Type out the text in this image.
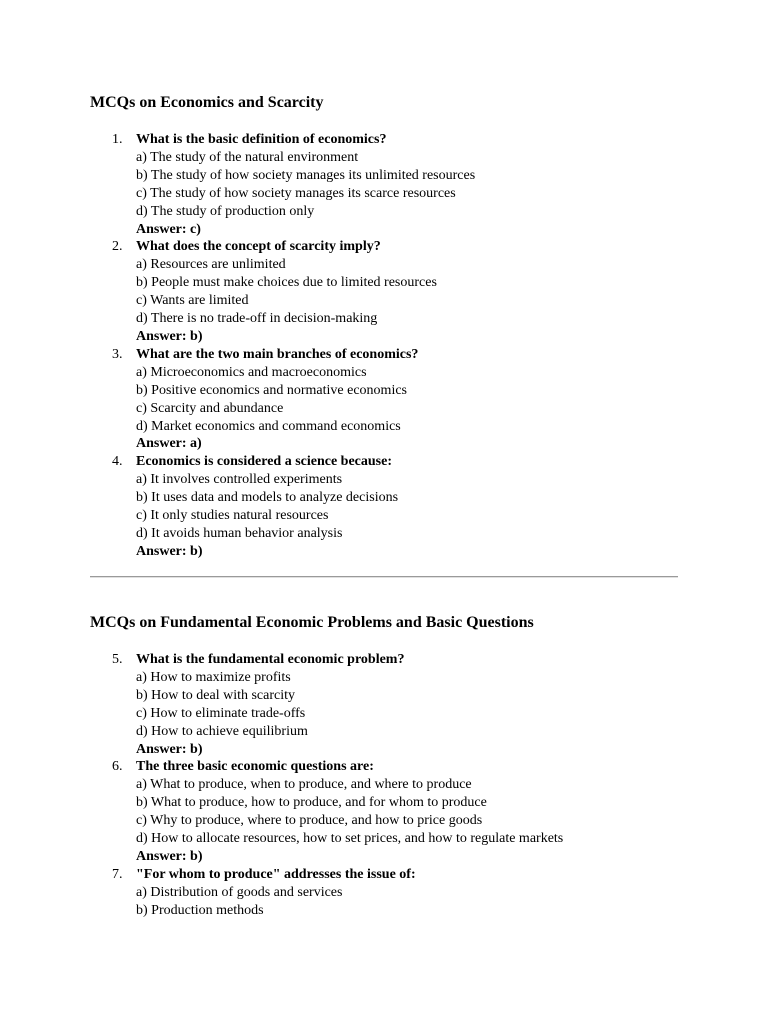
MCQs on Economics and Scarcity
1. What is the basic definition of economics?
a) The study of the natural environment
b) The study of how society manages its unlimited resources
c) The study of how society manages its scarce resources
d) The study of production only
Answer: c)
2. What does the concept of scarcity imply?
a) Resources are unlimited
b) People must make choices due to limited resources
c) Wants are limited
d) There is no trade-off in decision-making
Answer: b)
3. What are the two main branches of economics?
a) Microeconomics and macroeconomics
b) Positive economics and normative economics
c) Scarcity and abundance
d) Market economics and command economics
Answer: a)
4. Economics is considered a science because:
a) It involves controlled experiments
b) It uses data and models to analyze decisions
c) It only studies natural resources
d) It avoids human behavior analysis
Answer: b)
MCQs on Fundamental Economic Problems and Basic Questions
5. What is the fundamental economic problem?
a) How to maximize profits
b) How to deal with scarcity
c) How to eliminate trade-offs
d) How to achieve equilibrium
Answer: b)
6. The three basic economic questions are:
a) What to produce, when to produce, and where to produce
b) What to produce, how to produce, and for whom to produce
c) Why to produce, where to produce, and how to price goods
d) How to allocate resources, how to set prices, and how to regulate markets
Answer: b)
7. "For whom to produce" addresses the issue of:
a) Distribution of goods and services
b) Production methods
